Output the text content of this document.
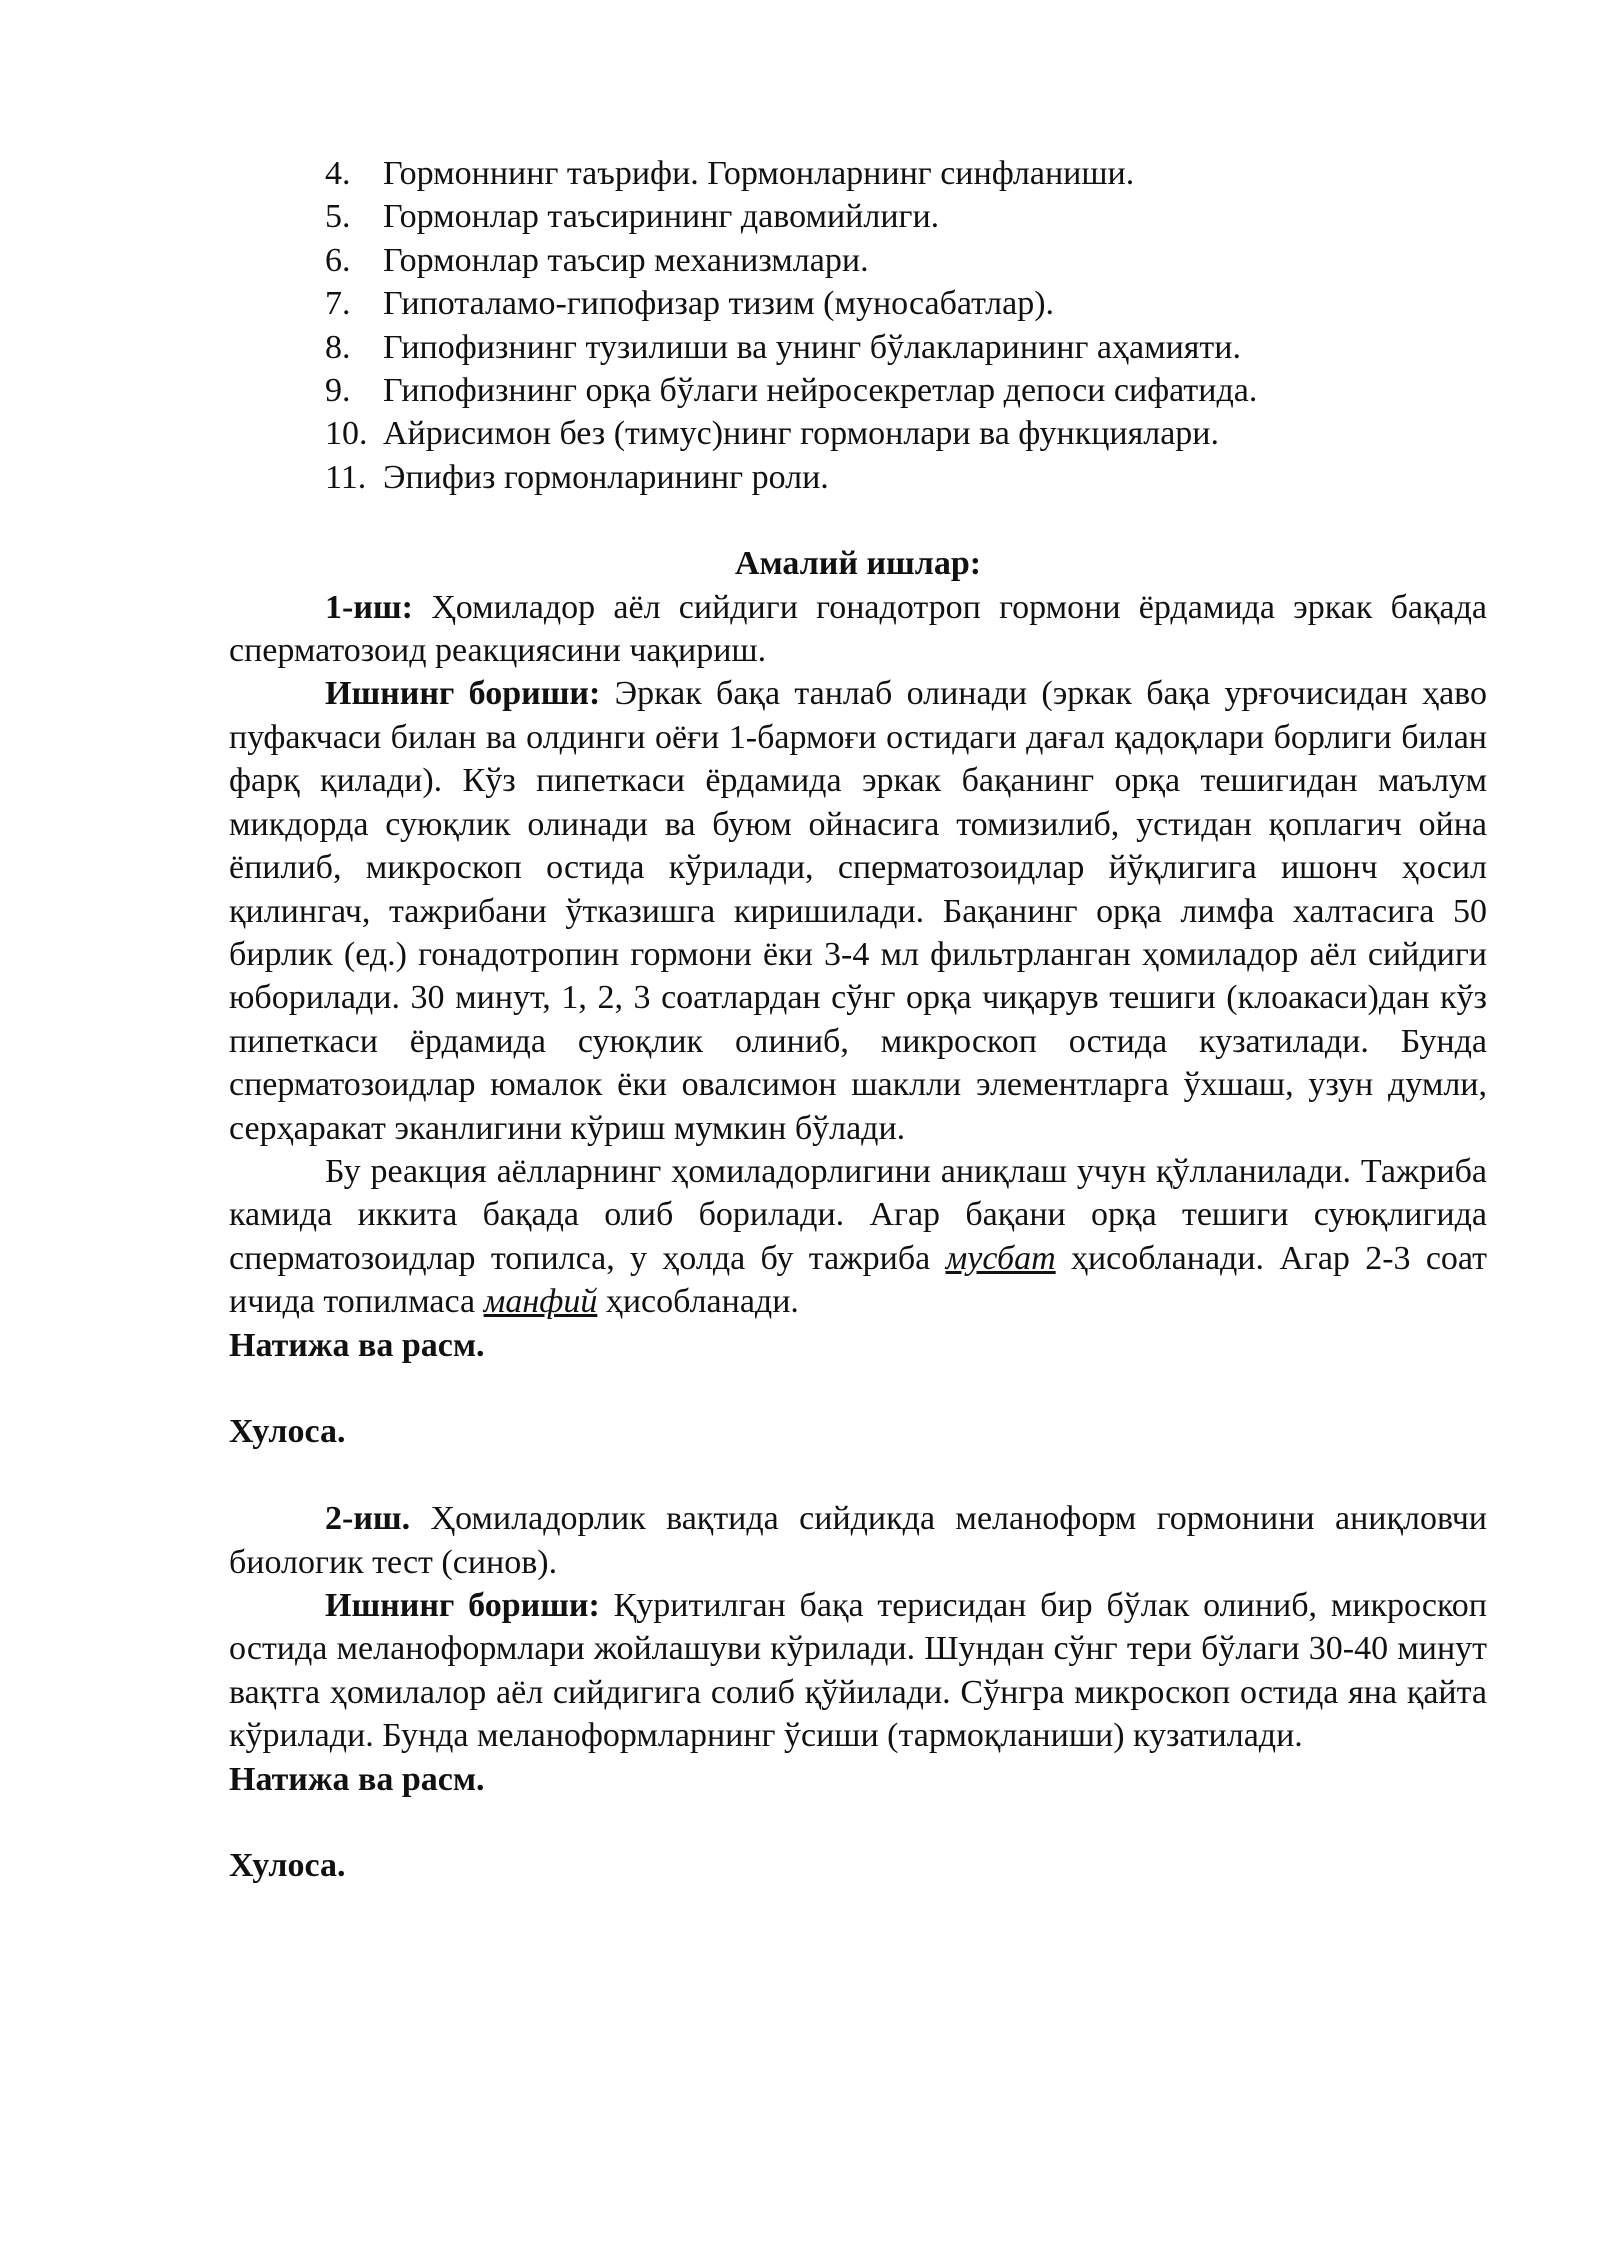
4. Гормоннинг таърифи. Гормонларнинг синфланиши.
5. Гормонлар таъсирининг давомийлиги.
6. Гормонлар таъсир механизмлари.
7. Гипоталамо-гипофизар тизим (муносабатлар).
8. Гипофизнинг тузилиши ва унинг бўлакларининг аҳамияти.
9. Гипофизнинг орқа бўлаги нейросекретлар депоси сифатида.
10. Айрисимон без (тимус)нинг гормонлари ва функциялари.
11. Эпифиз гормонларининг роли.
Амалий ишлар:

1-иш: Ҳомиладор аёл сийдиги гонадотроп гормони ёрдамида эркак бақада сперматозоид реакциясини чақириш.

Ишнинг бориши: Эркак бақа танлаб олинади (эркак бақа урғочисидан ҳаво пуфакчаси билан ва олдинги оёғи 1-бармоғи остидаги дағал қадоқлари борлиги билан фарқ қилади). Кўз пипеткаси ёрдамида эркак бақанинг орқа тешигидан маълум микдорда суюқлик олинади ва буюм ойнасига томизилиб, устидан қоплагич ойна ёпилиб, микроскоп остида кўрилади, сперматозоидлар йўқлигига ишонч ҳосил қилингач, тажрибани ўтказишга киришилади. Бақанинг орқа лимфа халтасига 50 бирлик (ед.) гонадотропин гормони ёки 3-4 мл фильтрланган ҳомиладор аёл сийдиги юборилади. 30 минут, 1, 2, 3 соатлардан сўнг орқа чиқарув тешиги (клоакаси)дан кўз пипеткаси ёрдамида суюқлик олиниб, микроскоп остида кузатилади. Бунда сперматозоидлар юмалок ёки овалсимон шаклли элементларга ўхшаш, узун думли, серҳаракат эканлигини кўриш мумкин бўлади.

Бу реакция аёлларнинг ҳомиладорлигини аниқлаш учун қўлланилади. Тажриба камида иккита бақада олиб борилади. Агар бақани орқа тешиги суюқлигида сперматозоидлар топилса, у ҳолда бу тажриба мусбат ҳисобланади. Агар 2-3 соат ичида топилмаса манфий ҳисобланади.

Натижа ва расм.
Хулоса.

2-иш. Ҳомиладорлик вақтида сийдикда меланоформ гормонини аниқловчи биологик тест (синов).

Ишнинг бориши: Қуритилган бақа терисидан бир бўлак олиниб, микроскоп остида меланоформлари жойлашуви кўрилади. Шундан сўнг тери бўлаги 30-40 минут вақтга ҳомилалор аёл сийдигига солиб қўйилади. Сўнгра микроскоп остида яна қайта кўрилади. Бунда меланоформларнинг ўсиши (тармоқланиши) кузатилади.

Натижа ва расм.
Хулоса.
